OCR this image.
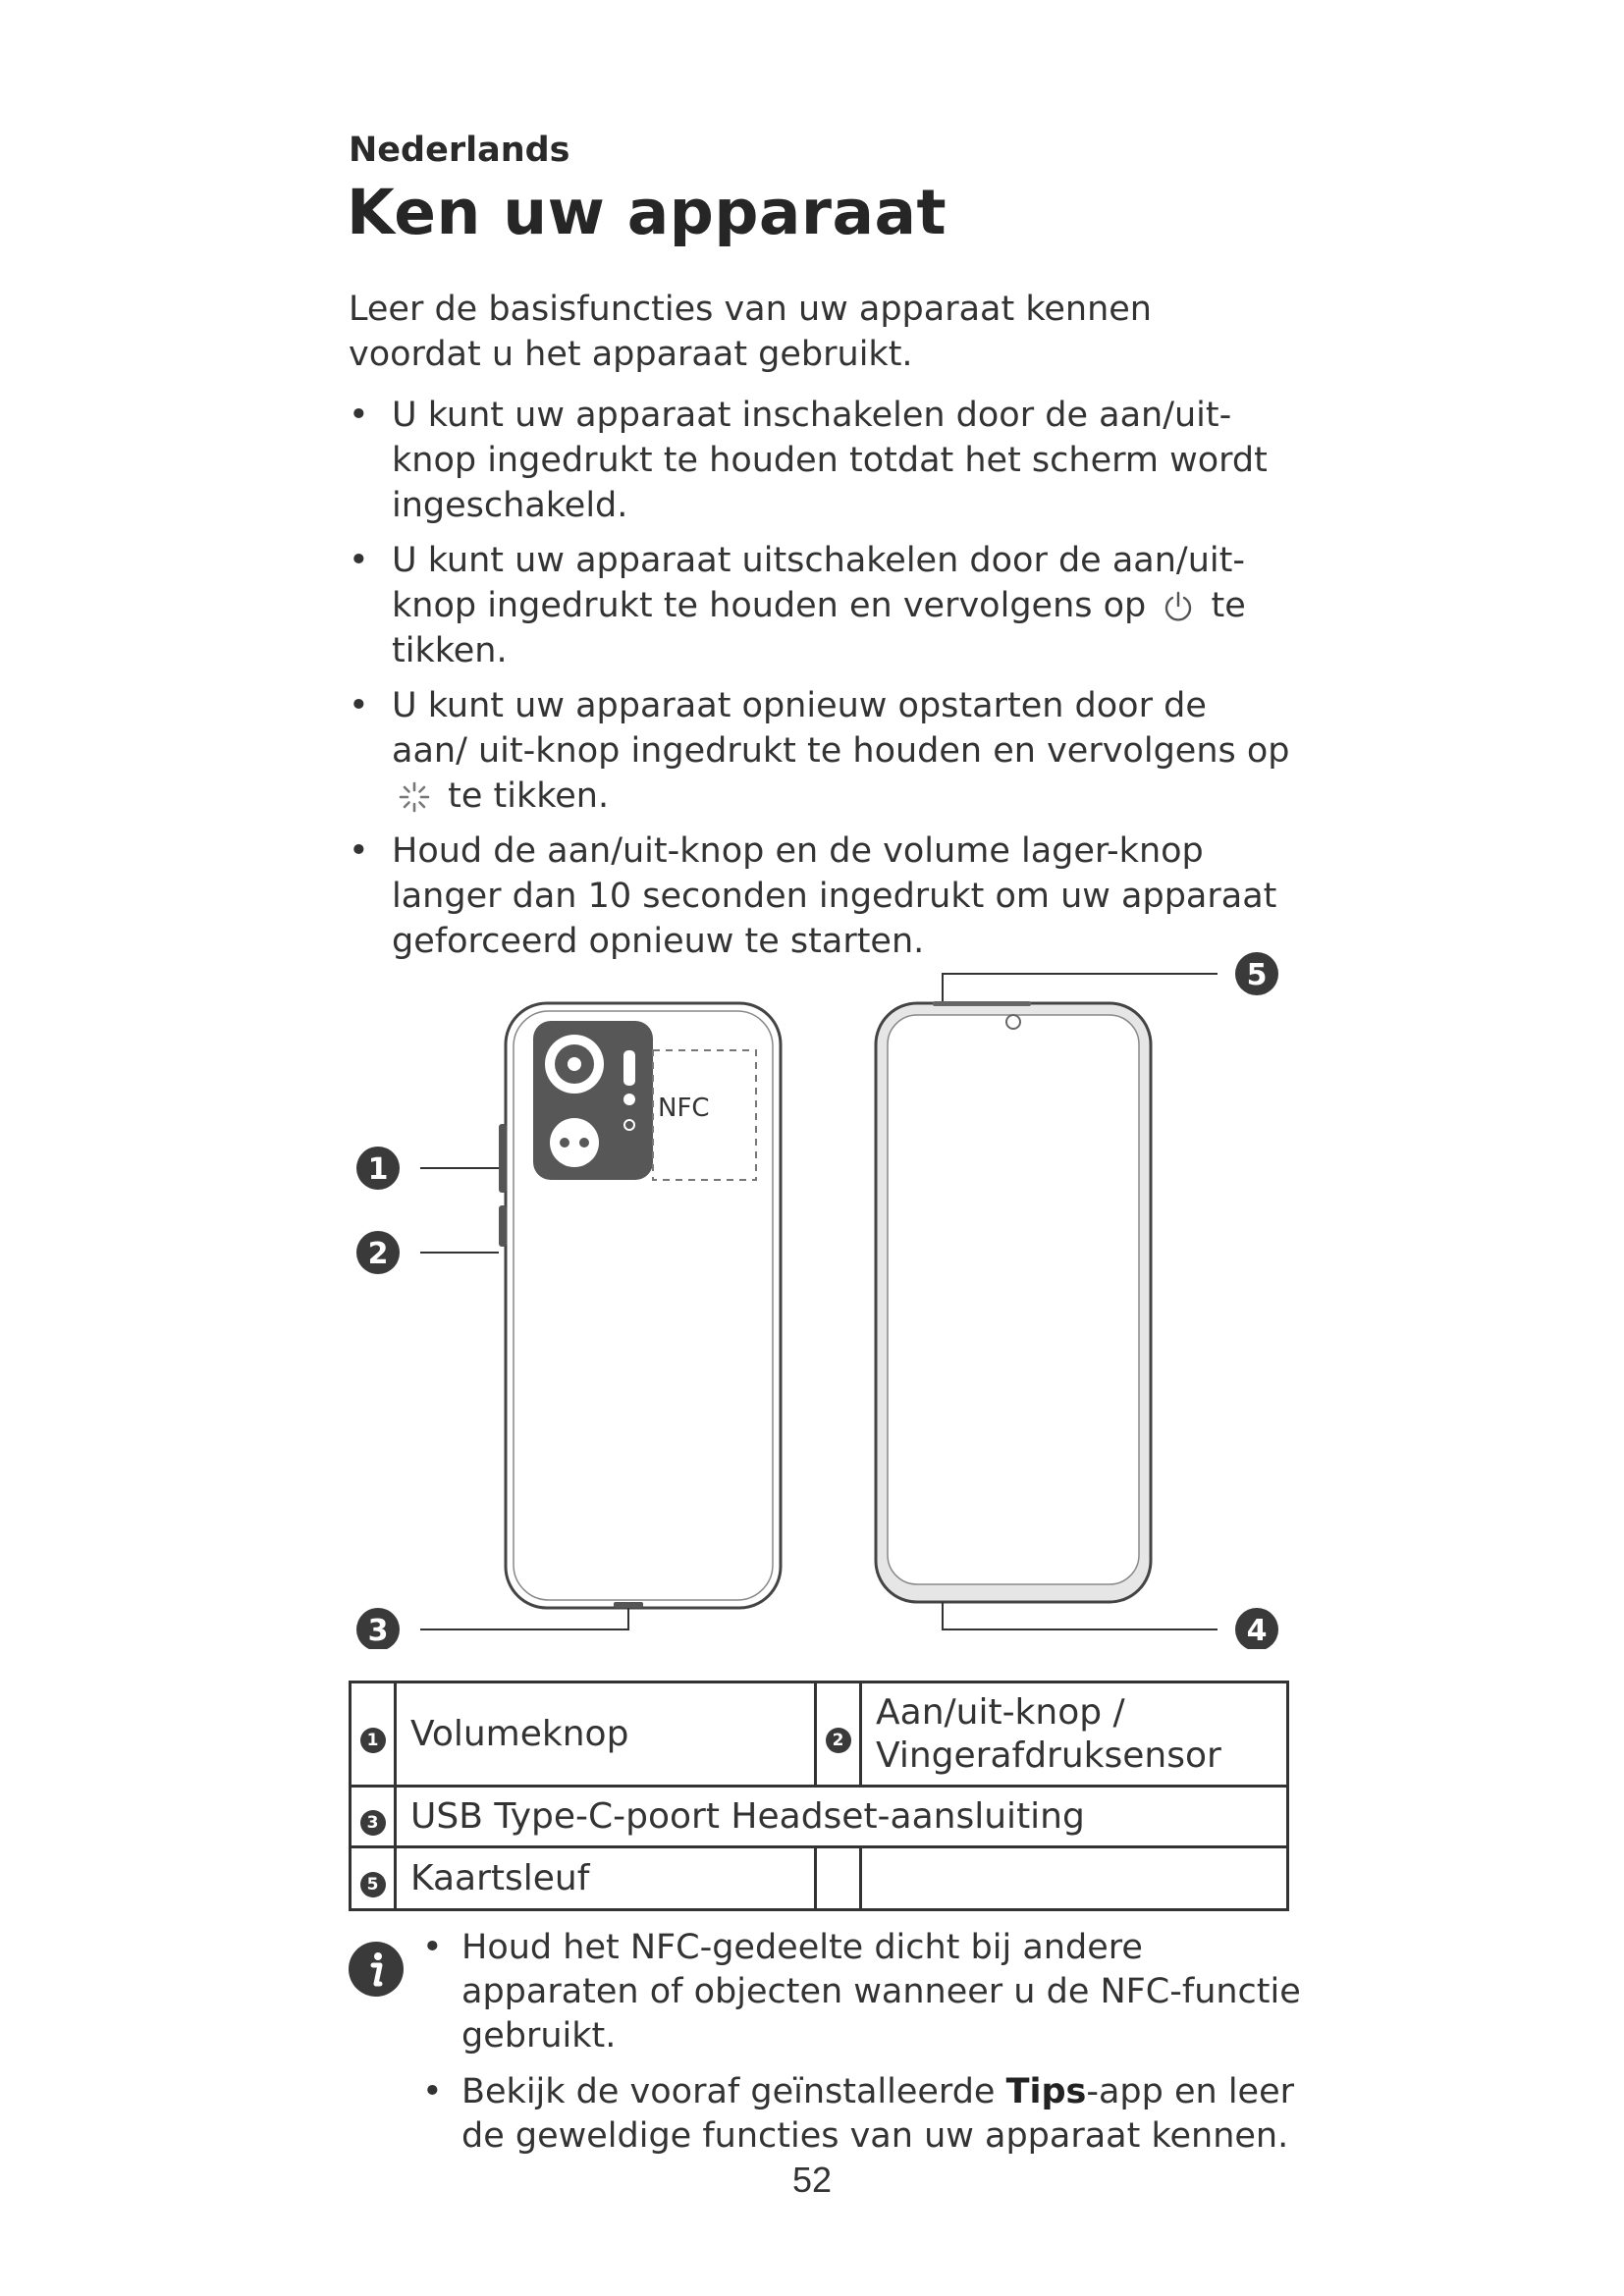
Nederlands
Ken uw apparaat

Leer de basisfuncties van uw apparaat kennen voordat u het apparaat gebruikt.

• U kunt uw apparaat inschakelen door de aan/uit-knop ingedrukt te houden totdat het scherm wordt ingeschakeld.
• U kunt uw apparaat uitschakelen door de aan/uit-knop ingedrukt te houden en vervolgens op te tikken.
• U kunt uw apparaat opnieuw opstarten door de aan/ uit-knop ingedrukt te houden en vervolgens op  te tikken.
• Houd de aan/uit-knop en de volume lager-knop langer dan 10 seconden ingedrukt om uw apparaat geforceerd opnieuw te starten.
NFC
1
2
3	4
5
1	Volumeknop	2	Aan/uit-knop / Vingerafdruksensor
3	USB Type-C-poort Headset-aansluiting		
5	Kaartsleuf		
• Houd het NFC-gedeelte dicht bij andere apparaten of objecten wanneer u de NFC-functie gebruikt.
• Bekijk de vooraf geïnstalleerde Tips-app en leer de geweldige functies van uw apparaat kennen.
52
